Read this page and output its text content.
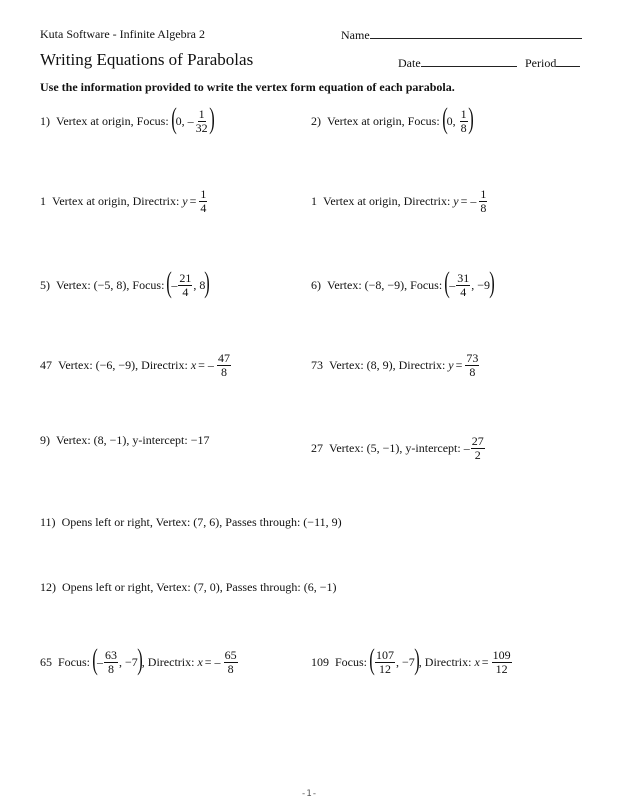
Kuta Software - Infinite Algebra 2	Name
Writing Equations of Parabolas	Date	Period
Use the information provided to write the vertex form equation of each parabola.
1) Vertex at origin, Focus:
( 0,
– $\frac{1}{32}$ )	2) Vertex at origin, Focus:
( 0,
$\frac{1}{8}$ )
1 Vertex at origin, Directrix:
$y = \frac{1}{4}$	1 Vertex at origin, Directrix:
y = – $\frac{1}{8}$
5) Vertex: (−5, 8), Focus:
( – $\frac{21}{4}$ , 8 )	6) Vertex: (−8, −9), Focus:
( – $\frac{31}{4}$ , −9 )
47 Vertex: (−6, −9), Directrix:
x = – $\frac{47}{8}$	73 Vertex: (8, 9), Directrix:
$y = \frac{73}{8}$
9) Vertex: (8, −1), y-intercept: −17
27 Vertex: (5, −1), y-intercept:
– $\frac{27}{2}$
11) Opens left or right, Vertex: (7, 6), Passes through: (−11, 9)
12) Opens left or right, Vertex: (7, 0), Passes through: (6, −1)
65 Focus:
( – $\frac{63}{8}$ , −7 ) , Directrix:
x = – $\frac{65}{8}$	109 Focus:
( $\frac{107}{12}$ , −7 ) , Directrix:
$x = \frac{109}{12}$
-1-
